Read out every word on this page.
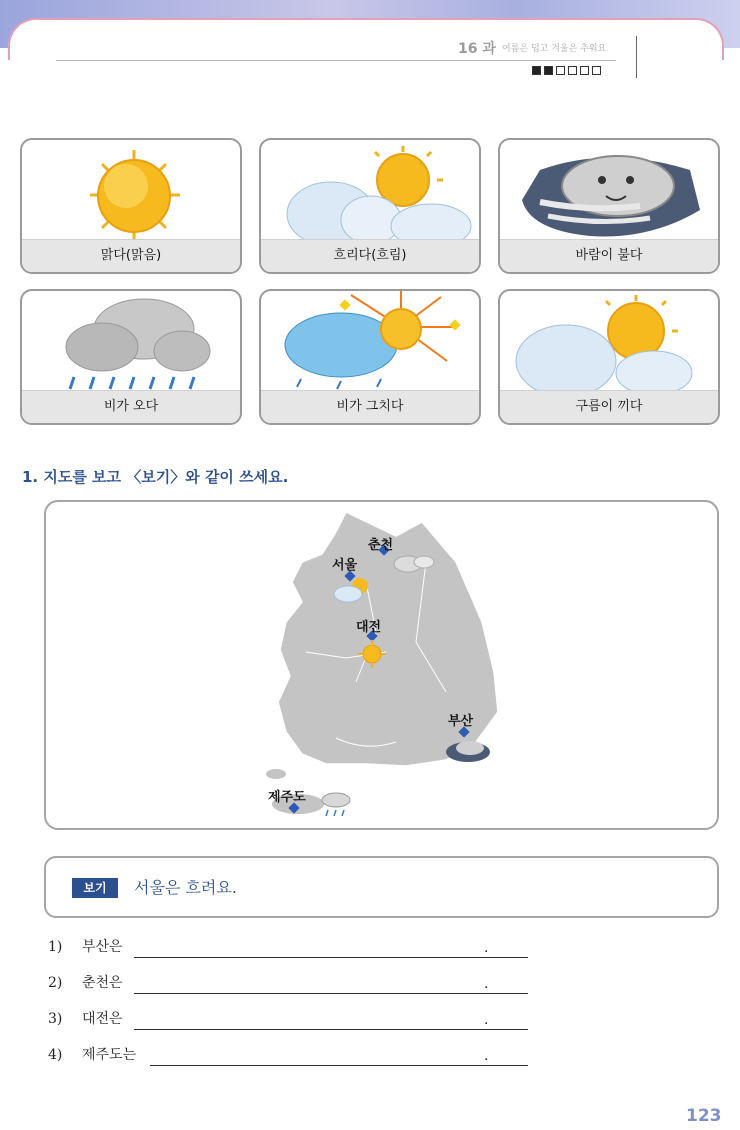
16 과 여름은 덥고 겨울은 추워요
맑다(맑음)	흐리다(흐림)	바람이 불다
비가 오다	비가 그치다	구름이 끼다
1. 지도를 보고 〈보기〉와 같이 쓰세요.
춘천
서울
대전
부산
제주도
보기	서울은 흐려요.
1) 부산은	.
2) 춘천은	.
3) 대전은	.
4) 제주도는	.
123
